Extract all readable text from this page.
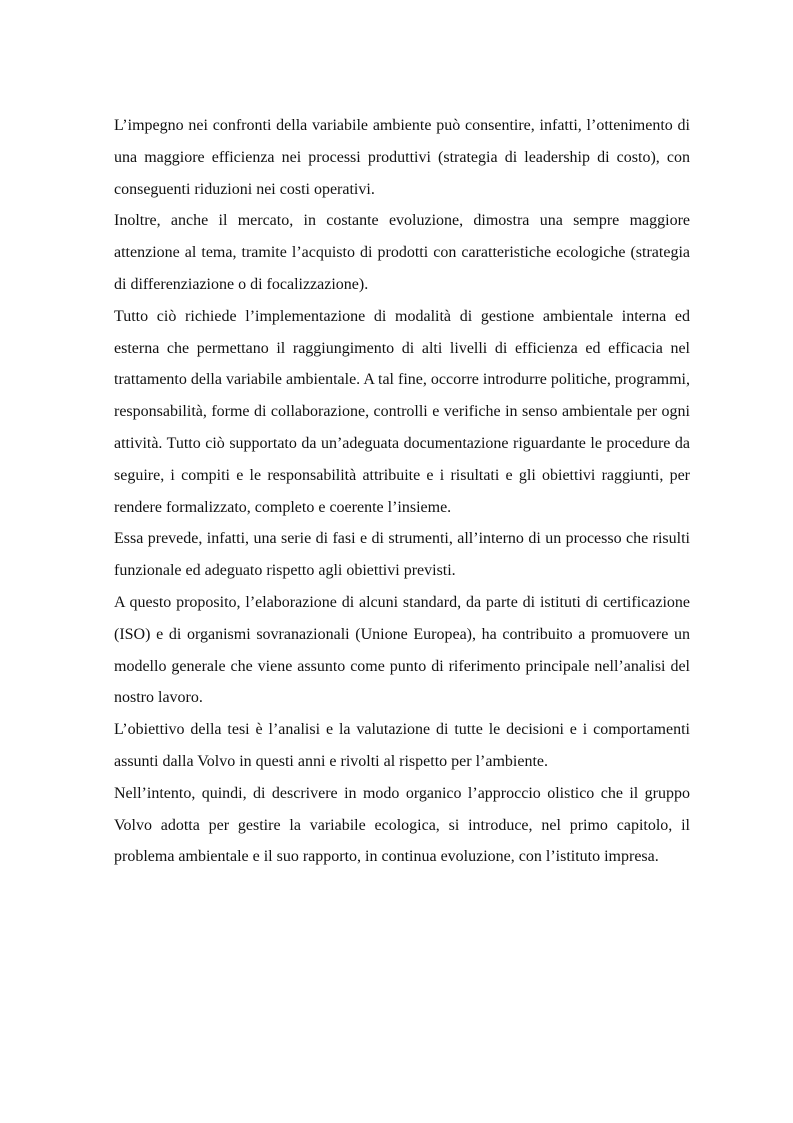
L’impegno nei confronti della variabile ambiente può consentire, infatti, l’ottenimento di una maggiore efficienza nei processi produttivi (strategia di leadership di costo), con conseguenti riduzioni nei costi operativi.

Inoltre, anche il mercato, in costante evoluzione, dimostra una sempre maggiore attenzione al tema, tramite l’acquisto di prodotti con caratteristiche ecologiche (strategia di differenziazione o di focalizzazione).

Tutto ciò richiede l’implementazione di modalità di gestione ambientale interna ed esterna che permettano il raggiungimento di alti livelli di efficienza ed efficacia nel trattamento della variabile ambientale. A tal fine, occorre introdurre politiche, programmi, responsabilità, forme di collaborazione, controlli e verifiche in senso ambientale per ogni attività. Tutto ciò supportato da un’adeguata documentazione riguardante le procedure da seguire, i compiti e le responsabilità attribuite e i risultati e gli obiettivi raggiunti, per rendere formalizzato, completo e coerente l’insieme.

Essa prevede, infatti, una serie di fasi e di strumenti, all’interno di un processo che risulti funzionale ed adeguato rispetto agli obiettivi previsti.

A questo proposito, l’elaborazione di alcuni standard, da parte di istituti di certificazione (ISO) e di organismi sovranazionali (Unione Europea), ha contribuito a promuovere un modello generale che viene assunto come punto di riferimento principale nell’analisi del nostro lavoro.

L’obiettivo della tesi è l’analisi e la valutazione di tutte le decisioni e i comportamenti assunti dalla Volvo in questi anni e rivolti al rispetto per l’ambiente.

Nell’intento, quindi, di descrivere in modo organico l’approccio olistico che il gruppo Volvo adotta per gestire la variabile ecologica, si introduce, nel primo capitolo, il problema ambientale e il suo rapporto, in continua evoluzione, con l’istituto impresa.
